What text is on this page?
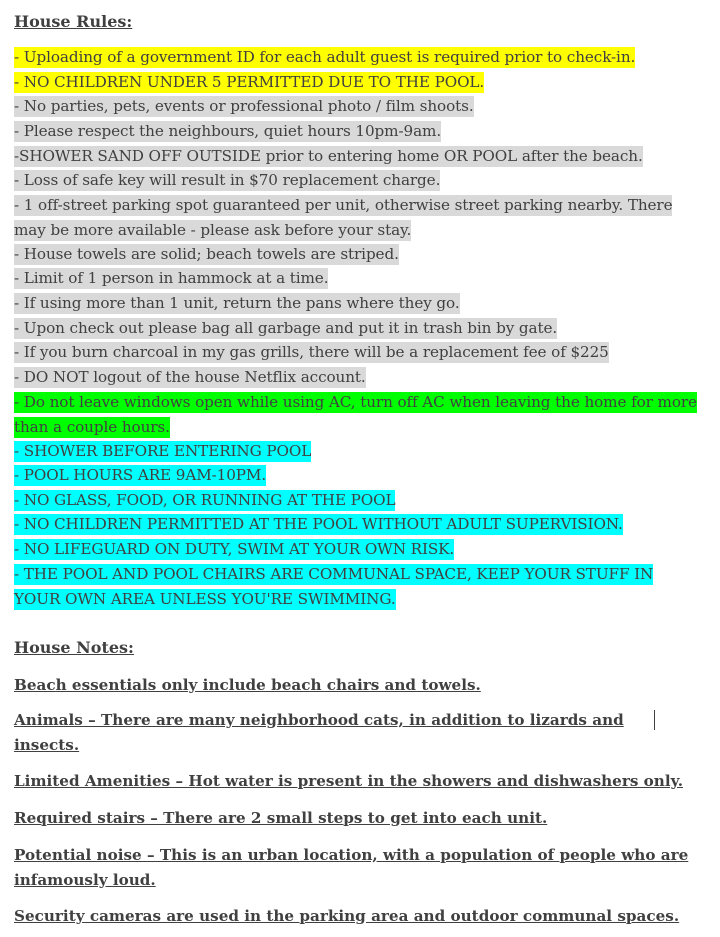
House Rules:
- Uploading of a government ID for each adult guest is required prior to check-in.
- NO CHILDREN UNDER 5 PERMITTED DUE TO THE POOL.
- No parties, pets, events or professional photo / film shoots.
- Please respect the neighbours, quiet hours 10pm-9am.
-SHOWER SAND OFF OUTSIDE prior to entering home OR POOL after the beach.
- Loss of safe key will result in $70 replacement charge.
- 1 off-street parking spot guaranteed per unit, otherwise street parking nearby. There may be more available - please ask before your stay.
- House towels are solid; beach towels are striped.
- Limit of 1 person in hammock at a time.
- If using more than 1 unit, return the pans where they go.
- Upon check out please bag all garbage and put it in trash bin by gate.
- If you burn charcoal in my gas grills, there will be a replacement fee of $225
- DO NOT logout of the house Netflix account.
- Do not leave windows open while using AC, turn off AC when leaving the home for more than a couple hours.
- SHOWER BEFORE ENTERING POOL
- POOL HOURS ARE 9AM-10PM.
- NO GLASS, FOOD, OR RUNNING AT THE POOL
- NO CHILDREN PERMITTED AT THE POOL WITHOUT ADULT SUPERVISION.
- NO LIFEGUARD ON DUTY, SWIM AT YOUR OWN RISK.
- THE POOL AND POOL CHAIRS ARE COMMUNAL SPACE, KEEP YOUR STUFF IN YOUR OWN AREA UNLESS YOU'RE SWIMMING.
House Notes:
Beach essentials only include beach chairs and towels.
Animals – There are many neighborhood cats, in addition to lizards and insects.
Limited Amenities – Hot water is present in the showers and dishwashers only.
Required stairs – There are 2 small steps to get into each unit.
Potential noise – This is an urban location, with a population of people who are infamously loud.
Security cameras are used in the parking area and outdoor communal spaces.
